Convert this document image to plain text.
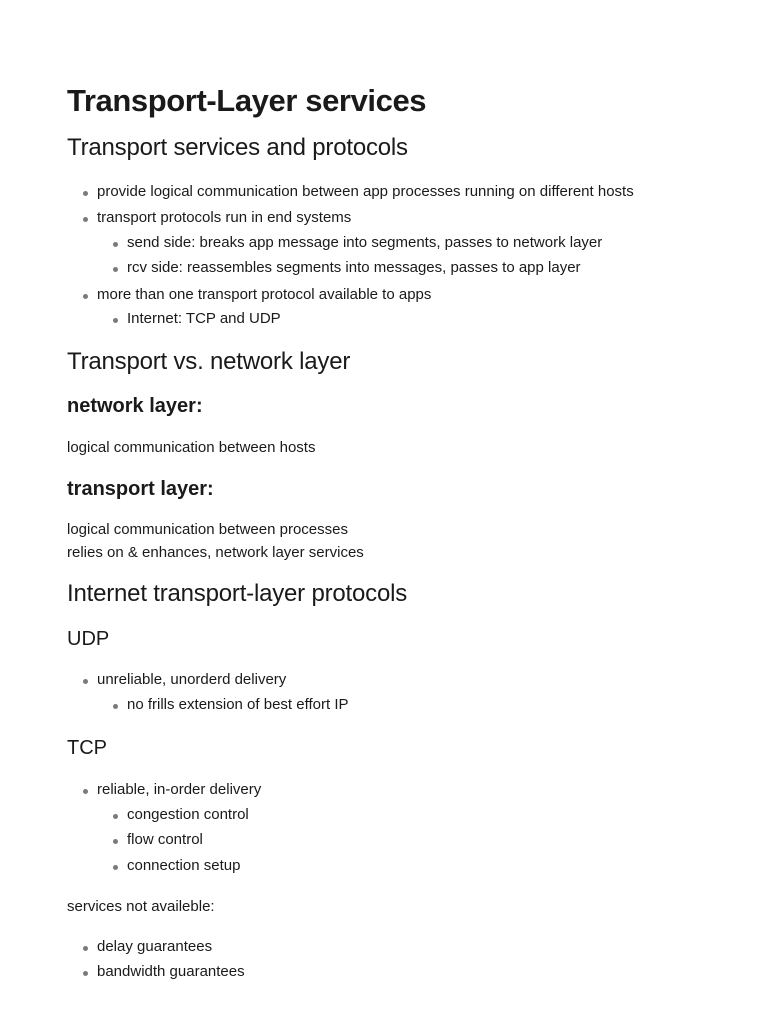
Transport-Layer services
Transport services and protocols
provide logical communication between app processes running on different hosts
transport protocols run in end systems
send side: breaks app message into segments, passes to network layer
rcv side: reassembles segments into messages, passes to app layer
more than one transport protocol available to apps
Internet: TCP and UDP
Transport vs. network layer
network layer:
logical communication between hosts
transport layer:
logical communication between processes
relies on & enhances, network layer services
Internet transport-layer protocols
UDP
unreliable, unorderd delivery
no frills extension of best effort IP
TCP
reliable, in-order delivery
congestion control
flow control
connection setup
services not availeble:
delay guarantees
bandwidth guarantees
